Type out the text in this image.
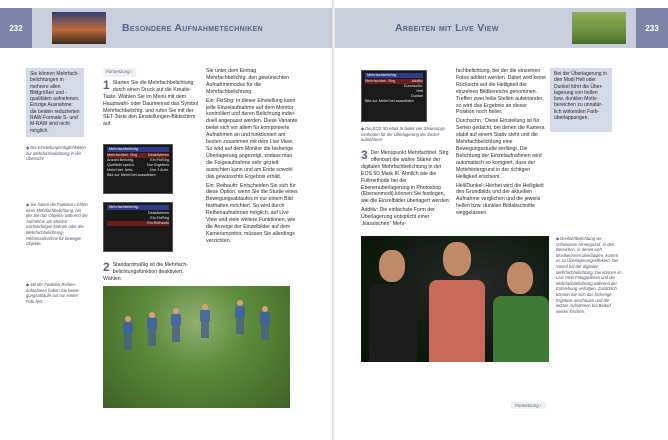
232	Besondere Aufnahmetechniken
Sie können Mehrfachbelichtungen in mehrere allen Bildgrößen und -qualitäten aufnehmen. Einzige Ausnahme: die beiden reduzierten RAW-Formate S- und M-RAW sind nicht möglich.
◆Die Einstellungsmöglichkeiten zur Mehrfachbelichtung in der Übersicht
◆Sie haben die Funktion Lichten einer Mehrfachbelichtung, bei der Sie das Objektiv während der Aufnahme am Monitor nachverfolgen können oder der Mehrfachbelichtung-Reihenaufnahme für bewegte Objekte.
◆Mit der Funktion Reihenaufnahmen haben Sie bewegungsabläufe auf nur einem Foto fest.
Fortsetzung ›

1 Starten Sie die Mehrfachbelichtung durch einen Druck auf die Kreativ-Taste. Wählen Sie im Menü mit dem Hauptwahl- oder Daumenrad das Symbol Mehrfachbelichtg. und rufen Sie mit der SET-Taste den Einstellungen-Bildschirm auf.

Mehrfachbelichtg.
Mehrfachbel. Strg	Deaktivieren
Anzahl Belichtg.	Ein:FktStrg
Quellbild speich.	Nur Ergebnis
Mehrf.bel. forts.	Nur 1 Aufn.
Bild zur Mehrf.bel.auswählen
Mehrfachbelichtg.
Deaktivieren
Ein:FktStrg
Ein:Reihaufn

2 Standardmäßig ist die Mehrfachbelichtungsfunktion deaktiviert. Wählen

Sie unter dem Eintrag Mehrfachbelichtg. den gewünschten Aufnahmemodus für die Mehrfachbelichtung:

Ein: FktStrg: In dieser Einstellung kann jede Einzelaufnahme auf dem Monitor kontrolliert und deren Belichtung individuell angepasst werden. Diese Variante bietet sich vor allem für komponierte Aufnahmen an und funktioniert am besten zusammen mit dem Live View. So wird auf dem Monitor die bisherige Überlagerung angezeigt, sodass man die Folgeaufnahme sehr gezielt ausrichten kann und am Ende sowohl das gewünschte Ergebnis erhält.

Ein: Reihaufn: Entscheiden Sie sich für diese Option, wenn Sie die Studie eines Bewegungsablaufes in nur einem Bild festhalten möchten. So wird durch Reihenaufnahmen möglich, auf Live View und viele weitere Funktionen, wie die Anzeige der Einzelbilder auf dem Kameramonitor, müssen Sie allerdings verzichten.

Arbeiten mit Live View	233
Mehrfachbelichtg.
Mehrfachbel. Strg	Additiv
Durchschn.
Hell
Dunkel
Bild zur Mehrf.bel.auswählen
◆Die EOS 5D Mark III bietet vier Steuerungsmethoden für die Überlagerung der Einzelaufnahmen.

3 Der Menüpunkt Mehrfachbel. Strg offenbart die wahre Stärke der digitalen Mehrfachbelichtung in der EOS 5D Mark III. Ähnlich wie die Füllmethode bei der Ebenenüberlagerung in Photoshop (Ebenenmodi) können Sie festlegen, wie die Einzelbilder überlagert werden:

Additiv: Die einfachste Form der Überlagerung entspricht einer „klassischen“ Mehr-

fachbelichtung, bei der die einzelnen Fotos addiert werden. Dabei wird keine Rücksicht auf die Helligkeit der einzelnen Bildbereiche genommen. Treffen zwei helle Stellen aufeinander, so wird das Ergebnis an dieser Position noch heller.

Durchschn.: Diese Einstellung ist für Serien gedacht, bei denen die Kamera stabil auf einem Stativ steht und die Mehrfachbelichtung eine Bewegungsstudie einfängt. Die Belichtung der Einzelaufnahmen wird automatisch so korrigiert, dass der Motivhintergrund in der richtigen Helligkeit erscheint.

Hell/Dunkel: Hierbei wird die Helligkeit des Grundbilds und der aktuellen Aufnahme verglichen und die jeweils hellen bzw. dunklen Bildabschnitte weggelassen.

Bei der Überlagerung in den Modi Hell oder Dunkel führt die Überlagerung von hellen bzw. dunklen Motivbereichen zu unnatürlich wirkenden Farbüberlappungen.
◆Dreifachbelichtung vor schwarzem Hintergrund. In den Bereichen, in denen sich Musikerinnen überlappen, kommt es zu Überlagerungseffekten. Der Vorteil bei der digitalen Mehrfachbelichtung: Die können im Live View Fotografieren und die Mehrfachbelichtung während der Entstehung verfolgen. Zusätzlich können Sie sich das bisherige Ergebnis anschauen und die letzten Aufnahmen bei Bedarf wieder löschen.
Fortsetzung ›
